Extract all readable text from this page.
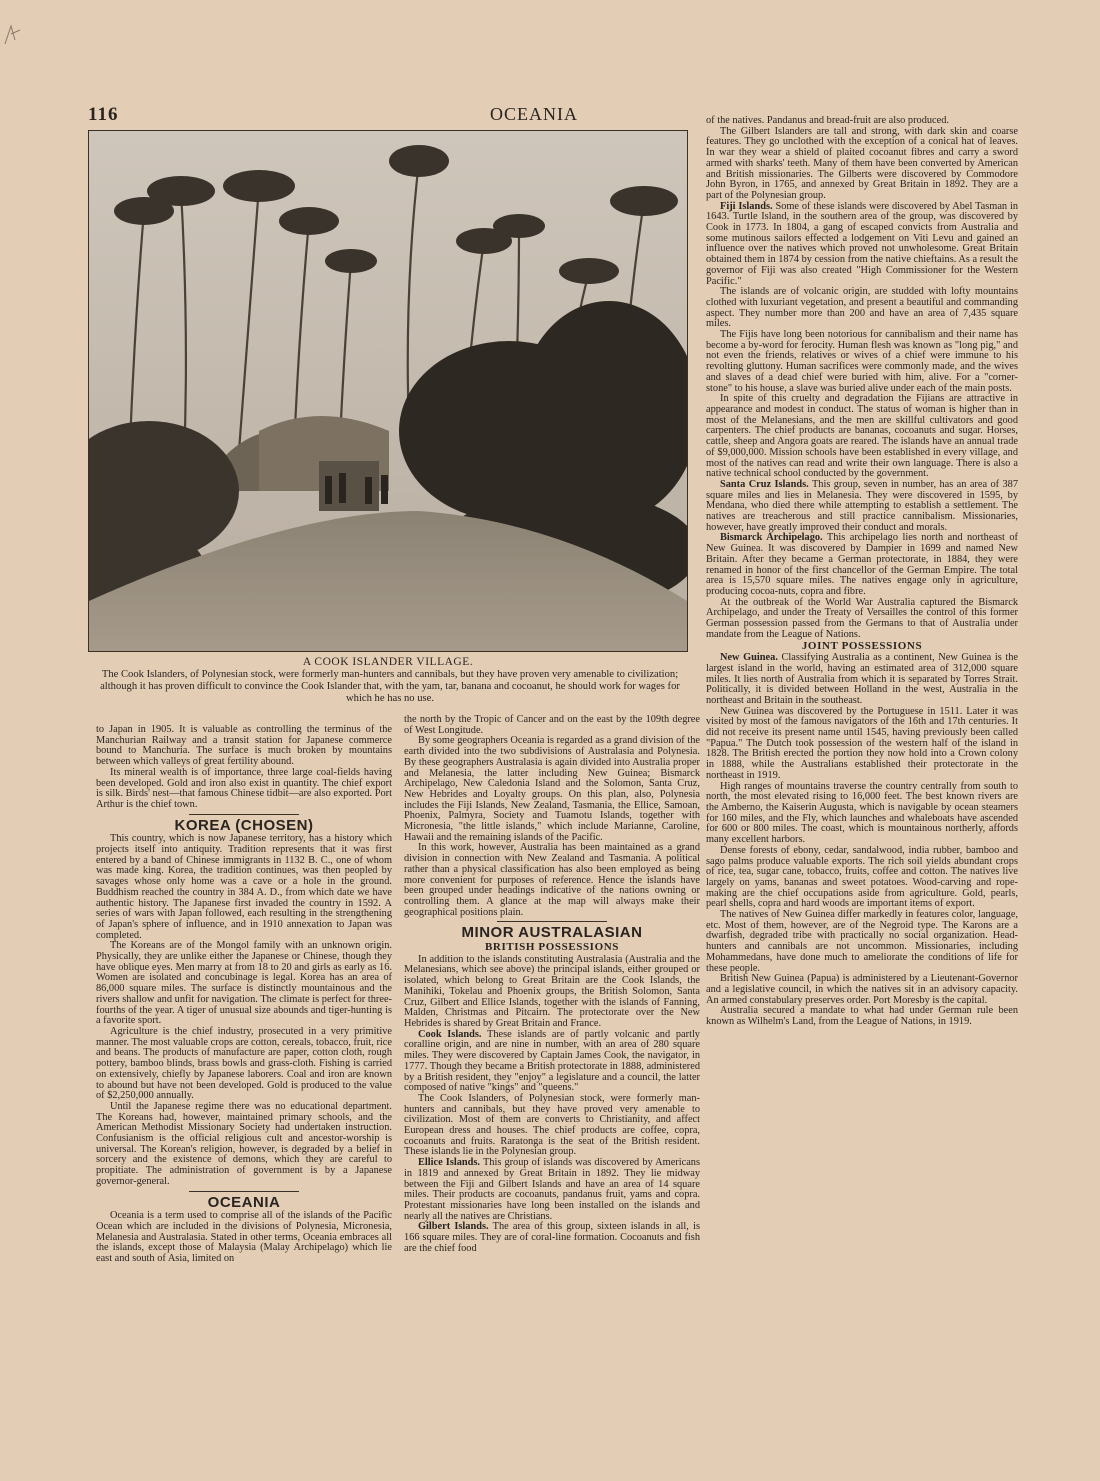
116	OCEANIA
A COOK ISLANDER VILLAGE.
The Cook Islanders, of Polynesian stock, were formerly man-hunters and cannibals, but they have proven very amenable to civilization; although it has proven difficult to convince the Cook Islander that, with the yam, tar, banana and cocoanut, he should work for wages for which he has no use.

to Japan in 1905. It is valuable as controlling the terminus of the Manchurian Railway and a transit station for Japanese commerce bound to Manchuria. The surface is much broken by mountains between which valleys of great fertility abound.

Its mineral wealth is of importance, three large coal-fields having been developed. Gold and iron also exist in quantity. The chief export is silk. Birds' nest—that famous Chinese tidbit—are also exported. Port Arthur is the chief town.

KOREA (CHOSEN)

This country, which is now Japanese territory, has a history which projects itself into antiquity. Tradition represents that it was first entered by a band of Chinese immigrants in 1132 B. C., one of whom was made king. Korea, the tradition continues, was then peopled by savages whose only home was a cave or a hole in the ground. Buddhism reached the country in 384 A. D., from which date we have authentic history. The Japanese first invaded the country in 1592. A series of wars with Japan followed, each resulting in the strengthening of Japan's sphere of influence, and in 1910 annexation to Japan was completed.

The Koreans are of the Mongol family with an unknown origin. Physically, they are unlike either the Japanese or Chinese, though they have oblique eyes. Men marry at from 18 to 20 and girls as early as 16. Women are isolated and concubinage is legal. Korea has an area of 86,000 square miles. The surface is distinctly mountainous and the rivers shallow and unfit for navigation. The climate is perfect for three-fourths of the year. A tiger of unusual size abounds and tiger-hunting is a favorite sport.

Agriculture is the chief industry, prosecuted in a very primitive manner. The most valuable crops are cotton, cereals, tobacco, fruit, rice and beans. The products of manufacture are paper, cotton cloth, rough pottery, bamboo blinds, brass bowls and grass-cloth. Fishing is carried on extensively, chiefly by Japanese laborers. Coal and iron are known to abound but have not been developed. Gold is produced to the value of $2,250,000 annually.

Until the Japanese regime there was no educational department. The Koreans had, however, maintained primary schools, and the American Methodist Missionary Society had undertaken instruction. Confusianism is the official religious cult and ancestor-worship is universal. The Korean's religion, however, is degraded by a belief in sorcery and the existence of demons, which they are careful to propitiate. The administration of government is by a Japanese governor-general.

OCEANIA

Oceania is a term used to comprise all of the islands of the Pacific Ocean which are included in the divisions of Polynesia, Micronesia, Melanesia and Australasia. Stated in other terms, Oceania embraces all the islands, except those of Malaysia (Malay Archipelago) which lie east and south of Asia, limited on

the north by the Tropic of Cancer and on the east by the 109th degree of West Longitude.

By some geographers Oceania is regarded as a grand division of the earth divided into the two subdivisions of Australasia and Polynesia. By these geographers Australasia is again divided into Australia proper and Melanesia, the latter including New Guinea; Bismarck Archipelago, New Caledonia Island and the Solomon, Santa Cruz, New Hebrides and Loyalty groups. On this plan, also, Polynesia includes the Fiji Islands, New Zealand, Tasmania, the Ellice, Samoan, Phoenix, Palmyra, Society and Tuamotu Islands, together with Micronesia, "the little islands," which include Marianne, Caroline, Hawaii and the remaining islands of the Pacific.

In this work, however, Australia has been maintained as a grand division in connection with New Zealand and Tasmania. A political rather than a physical classification has also been employed as being more convenient for purposes of reference. Hence the islands have been grouped under headings indicative of the nations owning or controlling them. A glance at the map will always make their geographical positions plain.

MINOR AUSTRALASIAN
BRITISH POSSESSIONS

In addition to the islands constituting Australasia (Australia and the Melanesians, which see above) the principal islands, either grouped or isolated, which belong to Great Britain are the Cook Islands, the Manihiki, Tokelau and Phoenix groups, the British Solomon, Santa Cruz, Gilbert and Ellice Islands, together with the islands of Fanning, Malden, Christmas and Pitcairn. The protectorate over the New Hebrides is shared by Great Britain and France.

Cook Islands. These islands are of partly volcanic and partly coralline origin, and are nine in number, with an area of 280 square miles. They were discovered by Captain James Cook, the navigator, in 1777. Though they became a British protectorate in 1888, administered by a British resident, they "enjoy" a legislature and a council, the latter composed of native "kings" and "queens."

The Cook Islanders, of Polynesian stock, were formerly man-hunters and cannibals, but they have proved very amenable to civilization. Most of them are converts to Christianity, and affect European dress and houses. The chief products are coffee, copra, cocoanuts and fruits. Raratonga is the seat of the British resident. These islands lie in the Polynesian group.

Ellice Islands. This group of islands was discovered by Americans in 1819 and annexed by Great Britain in 1892. They lie midway between the Fiji and Gilbert Islands and have an area of 14 square miles. Their products are cocoanuts, pandanus fruit, yams and copra. Protestant missionaries have long been installed on the islands and nearly all the natives are Christians.

Gilbert Islands. The area of this group, sixteen islands in all, is 166 square miles. They are of coral-line formation. Cocoanuts and fish are the chief food

of the natives. Pandanus and bread-fruit are also produced.

The Gilbert Islanders are tall and strong, with dark skin and coarse features. They go unclothed with the exception of a conical hat of leaves. In war they wear a shield of plaited cocoanut fibres and carry a sword armed with sharks' teeth. Many of them have been converted by American and British missionaries. The Gilberts were discovered by Commodore John Byron, in 1765, and annexed by Great Britain in 1892. They are a part of the Polynesian group.

Fiji Islands. Some of these islands were discovered by Abel Tasman in 1643. Turtle Island, in the southern area of the group, was discovered by Cook in 1773. In 1804, a gang of escaped convicts from Australia and some mutinous sailors effected a lodgement on Viti Levu and gained an influence over the natives which proved not unwholesome. Great Britain obtained them in 1874 by cession from the native chieftains. As a result the governor of Fiji was also created "High Commissioner for the Western Pacific."

The islands are of volcanic origin, are studded with lofty mountains clothed with luxuriant vegetation, and present a beautiful and commanding aspect. They number more than 200 and have an area of 7,435 square miles.

The Fijis have long been notorious for cannibalism and their name has become a by-word for ferocity. Human flesh was known as "long pig," and not even the friends, relatives or wives of a chief were immune to his revolting gluttony. Human sacrifices were commonly made, and the wives and slaves of a dead chief were buried with him, alive. For a "corner-stone" to his house, a slave was buried alive under each of the main posts.

In spite of this cruelty and degradation the Fijians are attractive in appearance and modest in conduct. The status of woman is higher than in most of the Melanesians, and the men are skillful cultivators and good carpenters. The chief products are bananas, cocoanuts and sugar. Horses, cattle, sheep and Angora goats are reared. The islands have an annual trade of $9,000,000. Mission schools have been established in every village, and most of the natives can read and write their own language. There is also a native technical school conducted by the government.

Santa Cruz Islands. This group, seven in number, has an area of 387 square miles and lies in Melanesia. They were discovered in 1595, by Mendana, who died there while attempting to establish a settlement. The natives are treacherous and still practice cannibalism. Missionaries, however, have greatly improved their conduct and morals.

Bismarck Archipelago. This archipelago lies north and northeast of New Guinea. It was discovered by Dampier in 1699 and named New Britain. After they became a German protectorate, in 1884, they were renamed in honor of the first chancellor of the German Empire. The total area is 15,570 square miles. The natives engage only in agriculture, producing cocoa-nuts, copra and fibre.

At the outbreak of the World War Australia captured the Bismarck Archipelago, and under the Treaty of Versailles the control of this former German possession passed from the Germans to that of Australia under mandate from the League of Nations.

JOINT POSSESSIONS

New Guinea. Classifying Australia as a continent, New Guinea is the largest island in the world, having an estimated area of 312,000 square miles. It lies north of Australia from which it is separated by Torres Strait. Politically, it is divided between Holland in the west, Australia in the northeast and Britain in the southeast.

New Guinea was discovered by the Portuguese in 1511. Later it was visited by most of the famous navigators of the 16th and 17th centuries. It did not receive its present name until 1545, having previously been called "Papua." The Dutch took possession of the western half of the island in 1828. The British erected the portion they now hold into a Crown colony in 1888, while the Australians established their protectorate in the northeast in 1919.

High ranges of mountains traverse the country centrally from south to north, the most elevated rising to 16,000 feet. The best known rivers are the Amberno, the Kaiserin Augusta, which is navigable by ocean steamers for 160 miles, and the Fly, which launches and whaleboats have ascended for 600 or 800 miles. The coast, which is mountainous northerly, affords many excellent harbors.

Dense forests of ebony, cedar, sandalwood, india rubber, bamboo and sago palms produce valuable exports. The rich soil yields abundant crops of rice, tea, sugar cane, tobacco, fruits, coffee and cotton. The natives live largely on yams, bananas and sweet potatoes. Wood-carving and rope-making are the chief occupations aside from agriculture. Gold, pearls, pearl shells, copra and hard woods are important items of export.

The natives of New Guinea differ markedly in features color, language, etc. Most of them, however, are of the Negroid type. The Karons are a dwarfish, degraded tribe with practically no social organization. Head-hunters and cannibals are not uncommon. Missionaries, including Mohammedans, have done much to ameliorate the conditions of life for these people.

British New Guinea (Papua) is administered by a Lieutenant-Governor and a legislative council, in which the natives sit in an advisory capacity. An armed constabulary preserves order. Port Moresby is the capital.

Australia secured a mandate to what had under German rule been known as Wilhelm's Land, from the League of Nations, in 1919.
